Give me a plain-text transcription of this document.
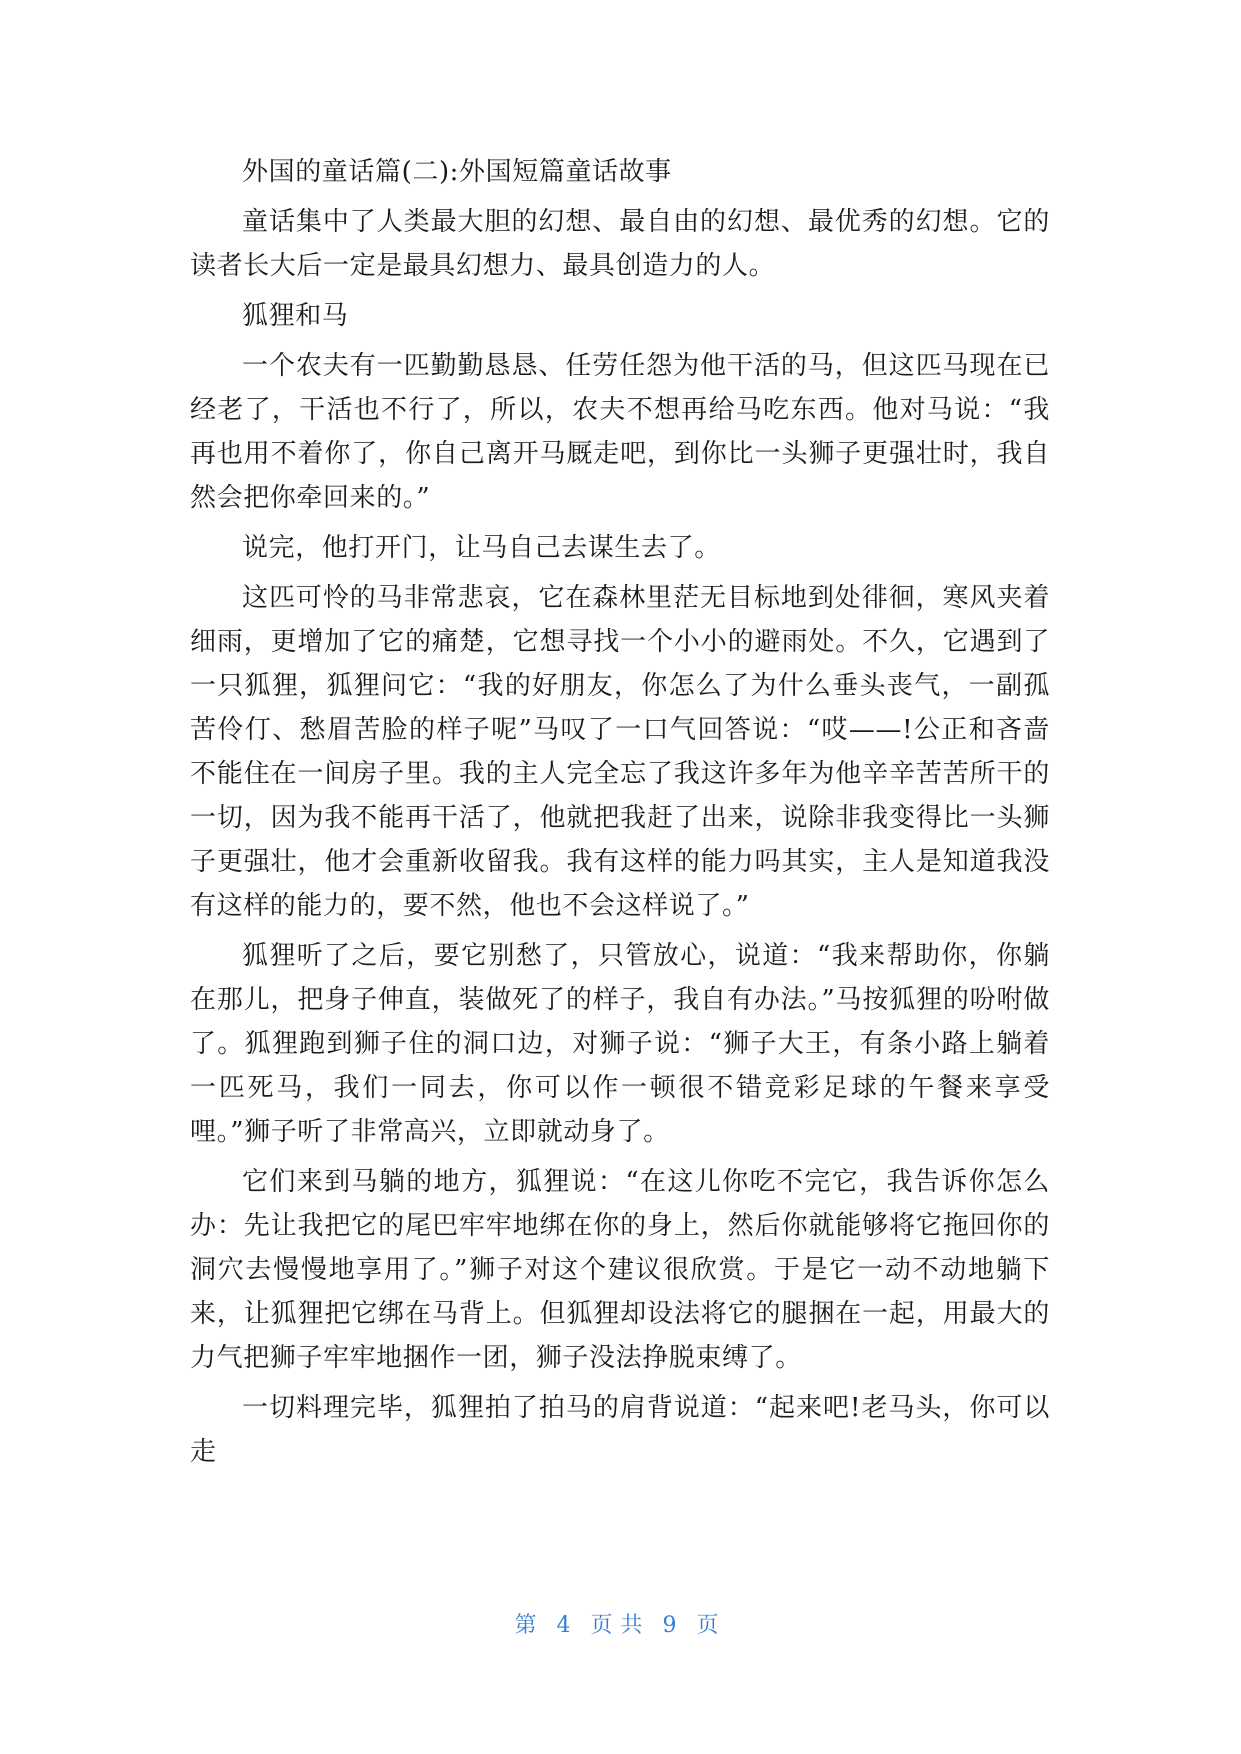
外国的童话篇(二):外国短篇童话故事

童话集中了人类最大胆的幻想、最自由的幻想、最优秀的幻想。它的读者长大后一定是最具幻想力、最具创造力的人。

狐狸和马

一个农夫有一匹勤勤恳恳、任劳任怨为他干活的马，但这匹马现在已经老了，干活也不行了，所以，农夫不想再给马吃东西。他对马说：“我再也用不着你了，你自己离开马厩走吧，到你比一头狮子更强壮时，我自然会把你牵回来的。”

说完，他打开门，让马自己去谋生去了。

这匹可怜的马非常悲哀，它在森林里茫无目标地到处徘徊，寒风夹着细雨，更增加了它的痛楚，它想寻找一个小小的避雨处。不久，它遇到了一只狐狸，狐狸问它：“我的好朋友，你怎么了为什么垂头丧气，一副孤苦伶仃、愁眉苦脸的样子呢”马叹了一口气回答说：“哎——!公正和吝啬不能住在一间房子里。我的主人完全忘了我这许多年为他辛辛苦苦所干的一切，因为我不能再干活了，他就把我赶了出来，说除非我变得比一头狮子更强壮，他才会重新收留我。我有这样的能力吗其实，主人是知道我没有这样的能力的，要不然，他也不会这样说了。”

狐狸听了之后，要它别愁了，只管放心，说道：“我来帮助你，你躺在那儿，把身子伸直，装做死了的样子，我自有办法。”马按狐狸的吩咐做了。狐狸跑到狮子住的洞口边，对狮子说：“狮子大王，有条小路上躺着一匹死马，我们一同去，你可以作一顿很不错竞彩足球的午餐来享受哩。”狮子听了非常高兴，立即就动身了。

它们来到马躺的地方，狐狸说：“在这儿你吃不完它，我告诉你怎么办：先让我把它的尾巴牢牢地绑在你的身上，然后你就能够将它拖回你的洞穴去慢慢地享用了。”狮子对这个建议很欣赏。于是它一动不动地躺下来，让狐狸把它绑在马背上。但狐狸却设法将它的腿捆在一起，用最大的力气把狮子牢牢地捆作一团，狮子没法挣脱束缚了。

一切料理完毕，狐狸拍了拍马的肩背说道：“起来吧!老马头，你可以走

第 4 页共 9 页
